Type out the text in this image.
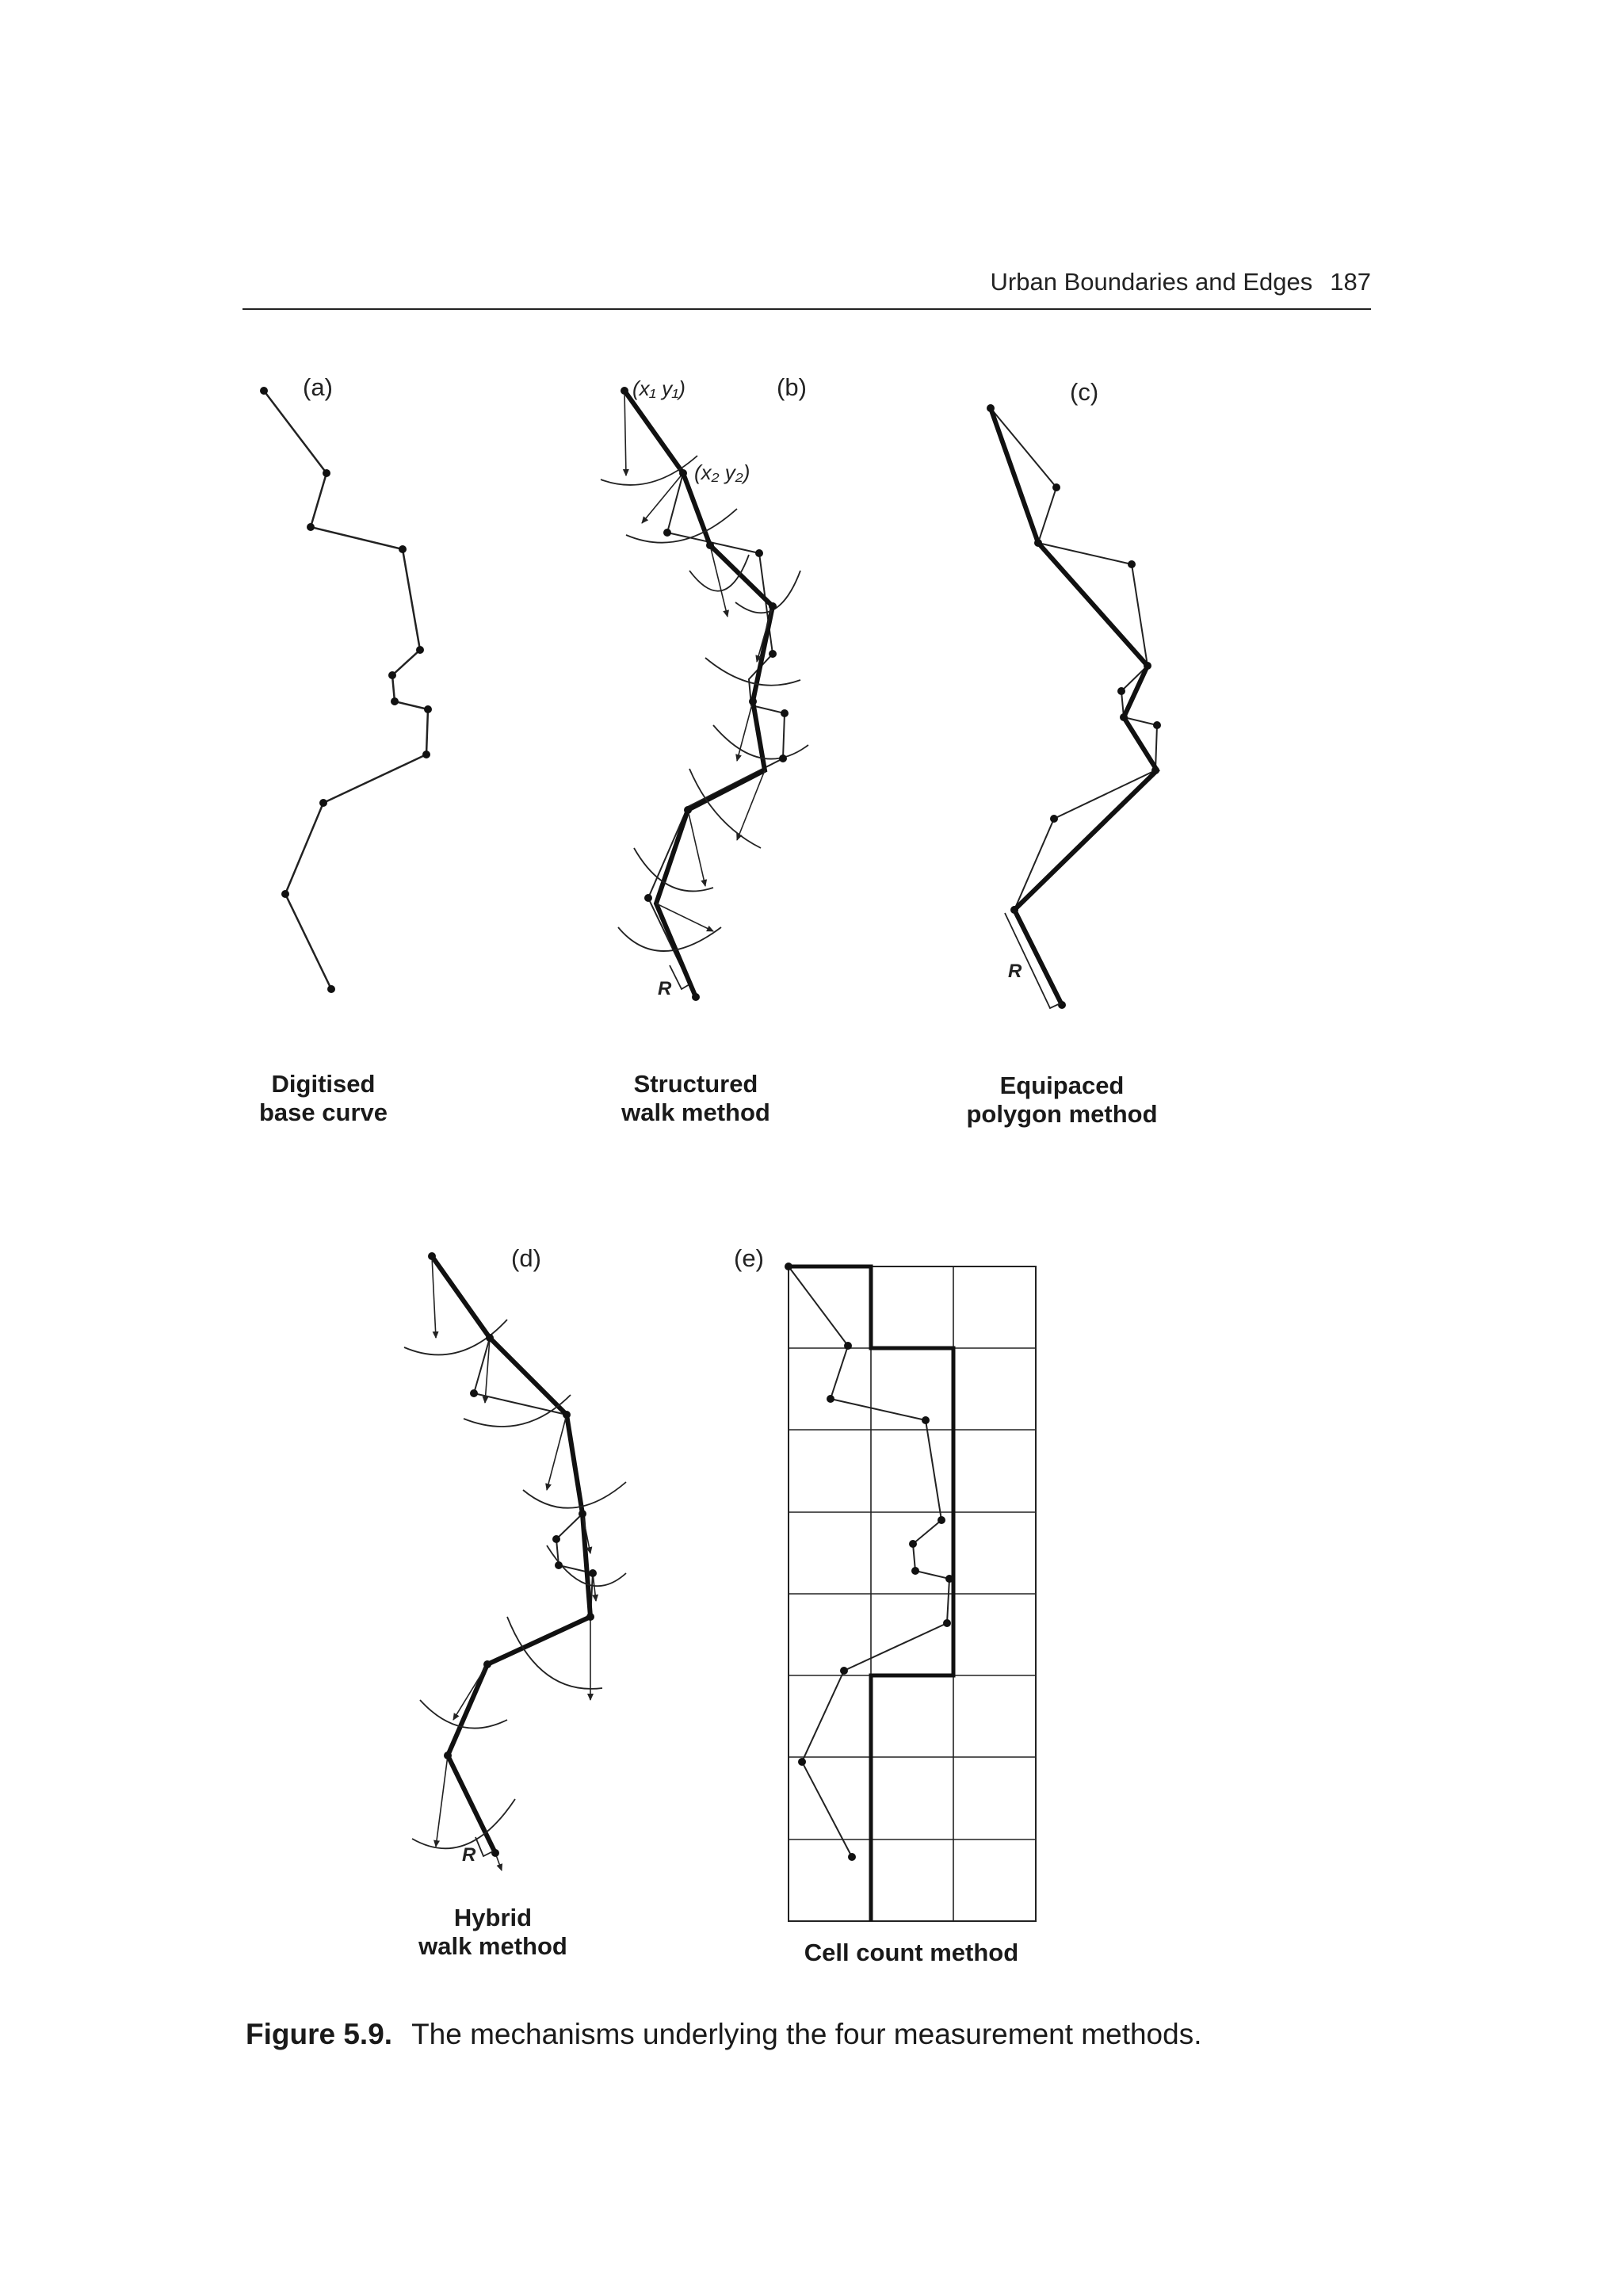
Urban Boundaries and Edges 187
(a)
Digitised
base curve
R
(x₁ y₁)
(x₂ y₂)
(b)
Structured
walk method
R
(c)
Equipaced
polygon method
R
(d)
Hybrid
walk method
(e)
Cell count method
Figure 5.9. The mechanisms underlying the four measurement methods.
